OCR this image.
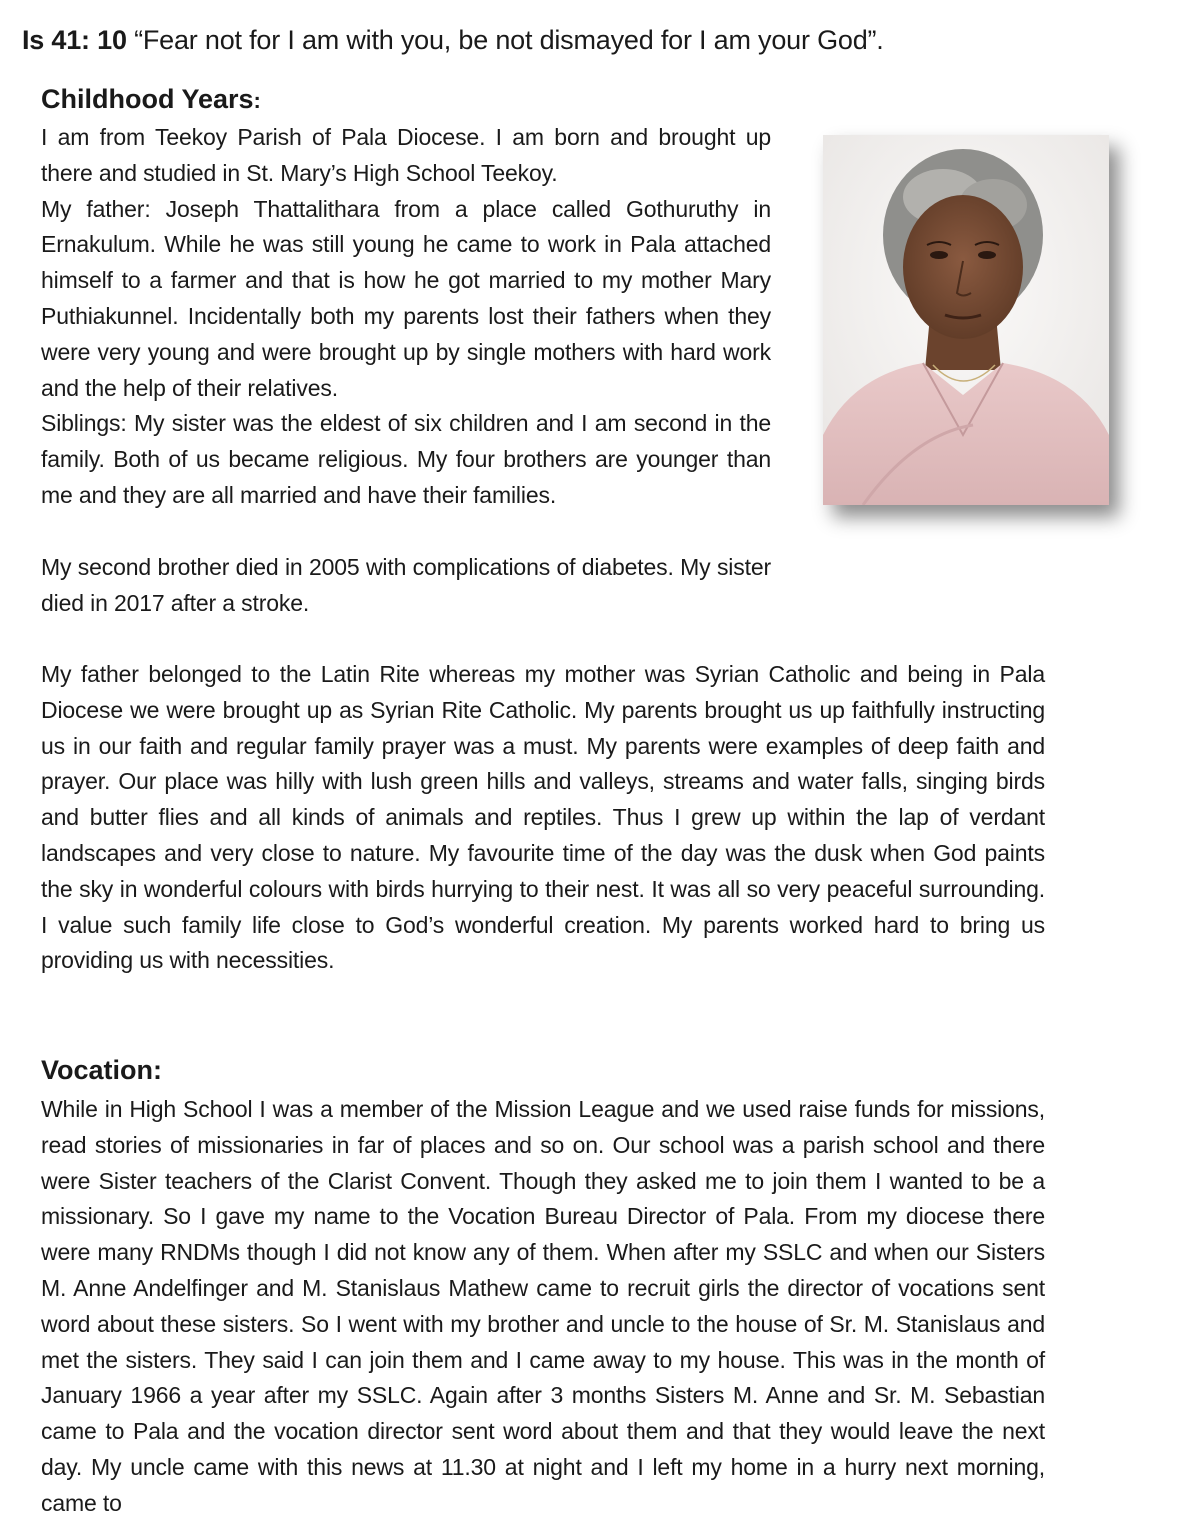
Is 41: 10 “Fear not for I am with you, be not dismayed for I am your God”.
Childhood Years:
I am from Teekoy Parish of Pala Diocese. I am born and brought up there and studied in St. Mary’s High School Teekoy.
My father: Joseph Thattalithara from a place called Gothuruthy in Ernakulum. While he was still young he came to work in Pala attached himself to a farmer and that is how he got married to my mother Mary Puthiakunnel. Incidentally both my parents lost their fathers when they were very young and were brought up by single mothers with hard work and the help of their relatives.
Siblings: My sister was the eldest of six children and I am second in the family. Both of us became religious. My four brothers are younger than me and they are all married and have their families.
My second brother died in 2005 with complications of diabetes. My sister died in 2017 after a stroke.
My father belonged to the Latin Rite whereas my mother was Syrian Catholic and being in Pala Diocese we were brought up as Syrian Rite Catholic. My parents brought us up faithfully instructing us in our faith and regular family prayer was a must. My parents were examples of deep faith and prayer. Our place was hilly with lush green hills and valleys, streams and water falls, singing birds and butter flies and all kinds of animals and reptiles. Thus I grew up within the lap of verdant landscapes and very close to nature. My favourite time of the day was the dusk when God paints the sky in wonderful colours with birds hurrying to their nest. It was all so very peaceful surrounding. I value such family life close to God’s wonderful creation. My parents worked hard to bring us providing us with necessities.
Vocation:
While in High School I was a member of the Mission League and we used raise funds for missions, read stories of missionaries in far of places and so on. Our school was a parish school and there were Sister teachers of the Clarist Convent. Though they asked me to join them I wanted to be a missionary. So I gave my name to the Vocation Bureau Director of Pala. From my diocese there were many RNDMs though I did not know any of them. When after my SSLC and when our Sisters M. Anne Andelfinger and M. Stanislaus Mathew came to recruit girls the director of vocations sent word about these sisters. So I went with my brother and uncle to the house of Sr. M. Stanislaus and met the sisters. They said I can join them and I came away to my house. This was in the month of January 1966 a year after my SSLC. Again after 3 months Sisters M. Anne and Sr. M. Sebastian came to Pala and the vocation director sent word about them and that they would leave the next day. My uncle came with this news at 11.30 at night and I left my home in a hurry next morning, came to
